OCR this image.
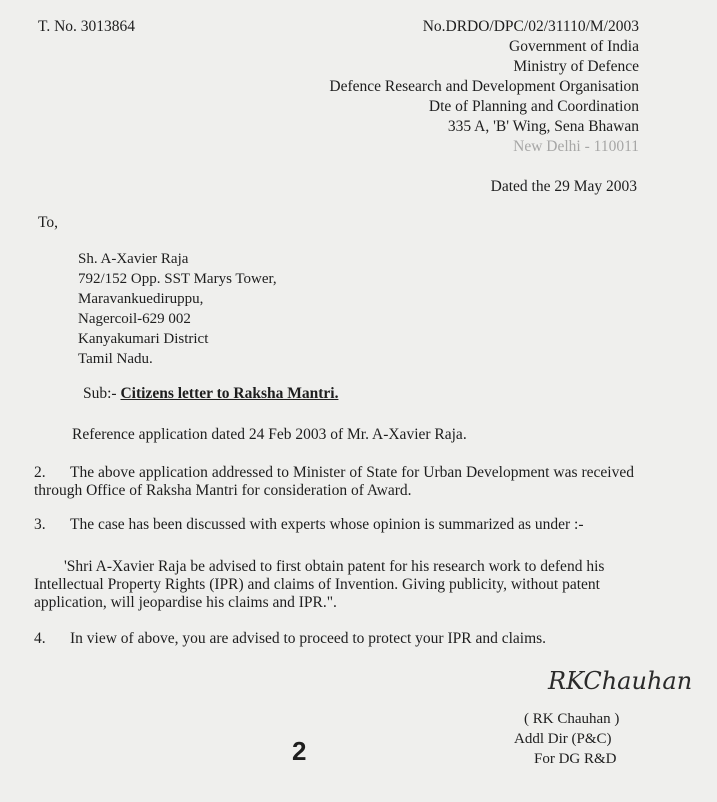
T. No. 3013864	No.DRDO/DPC/02/31110/M/2003
Government of India
Ministry of Defence
Defence Research and Development Organisation
Dte of Planning and Coordination
335 A, 'B' Wing, Sena Bhawan
New Delhi - 110011
Dated the 29 May 2003
To,
Sh. A-Xavier Raja
792/152 Opp. SST Marys Tower,
Maravankuediruppu,
Nagercoil-629 002
Kanyakumari District
Tamil Nadu.
Sub:- Citizens letter to Raksha Mantri.
Reference application dated 24 Feb 2003 of Mr. A-Xavier Raja.
2. The above application addressed to Minister of State for Urban Development was received through Office of Raksha Mantri for consideration of Award.
3. The case has been discussed with experts whose opinion is summarized as under :-
'Shri A-Xavier Raja be advised to first obtain patent for his research work to defend his Intellectual Property Rights (IPR) and claims of Invention. Giving publicity, without patent application, will jeopardise his claims and IPR.".
4. In view of above, you are advised to proceed to protect your IPR and claims.
RKChauhan
( RK Chauhan )
Addl Dir (P&C)
For DG R&D
2
